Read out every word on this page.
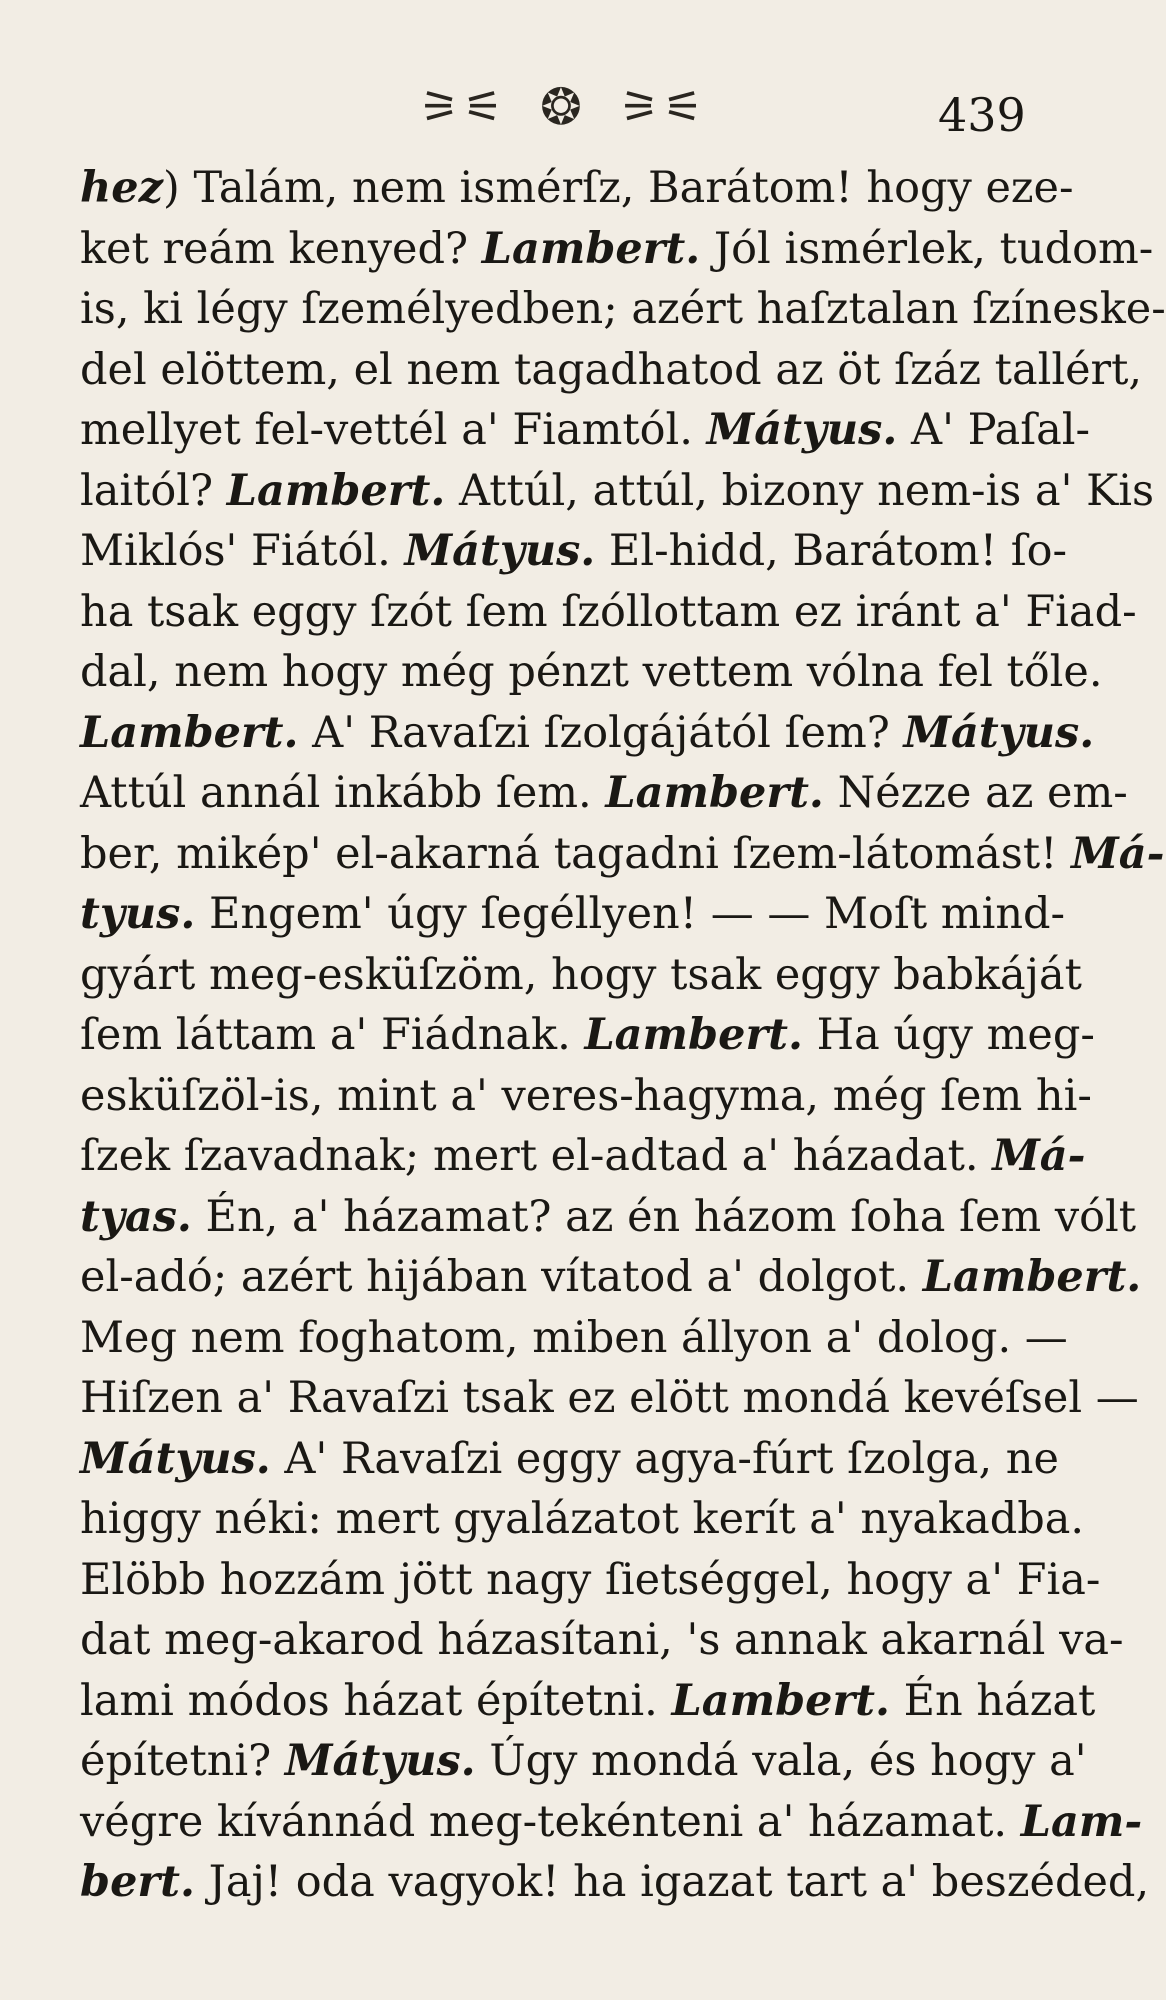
⚞⚟ ❂ ⚞⚟	439
hez) Talám, nem ismérſz, Barátom! hogy eze-
ket reám kenyed? Lambert. Jól ismérlek, tudom-
is, ki légy ſzemélyedben; azért haſztalan ſzíneske-
del elöttem, el nem tagadhatod az öt ſzáz tallért,
mellyet fel-vettél a' Fiamtól. Mátyus. A' Paſal-
laitól? Lambert. Attúl, attúl, bizony nem-is a' Kis
Miklós' Fiától. Mátyus. El-hidd, Barátom! ſo-
ha tsak eggy ſzót ſem ſzóllottam ez iránt a' Fiad-
dal, nem hogy még pénzt vettem vólna fel tőle.
Lambert. A' Ravaſzi ſzolgájától ſem? Mátyus.
Attúl annál inkább ſem. Lambert. Nézze az em-
ber, mikép' el-akarná tagadni ſzem-látomást! Má-
tyus. Engem' úgy ſegéllyen! — — Moſt mind-
gyárt meg-esküſzöm, hogy tsak eggy babkáját
ſem láttam a' Fiádnak. Lambert. Ha úgy meg-
esküſzöl-is, mint a' veres-hagyma, még ſem hi-
ſzek ſzavadnak; mert el-adtad a' házadat. Má-
tyas. Én, a' házamat? az én házom ſoha ſem vólt
el-adó; azért hijában vítatod a' dolgot. Lambert.
Meg nem foghatom, miben állyon a' dolog. —
Hiſzen a' Ravaſzi tsak ez elött mondá kevéſsel —
Mátyus. A' Ravaſzi eggy agya-fúrt ſzolga, ne
higgy néki: mert gyalázatot kerít a' nyakadba.
Elöbb hozzám jött nagy ſietséggel, hogy a' Fia-
dat meg-akarod házasítani, 's annak akarnál va-
lami módos házat építetni. Lambert. Én házat
építetni? Mátyus. Úgy mondá vala, és hogy a'
végre kívánnád meg-tekénteni a' házamat. Lam-
bert. Jaj! oda vagyok! ha igazat tart a' beszéded,
